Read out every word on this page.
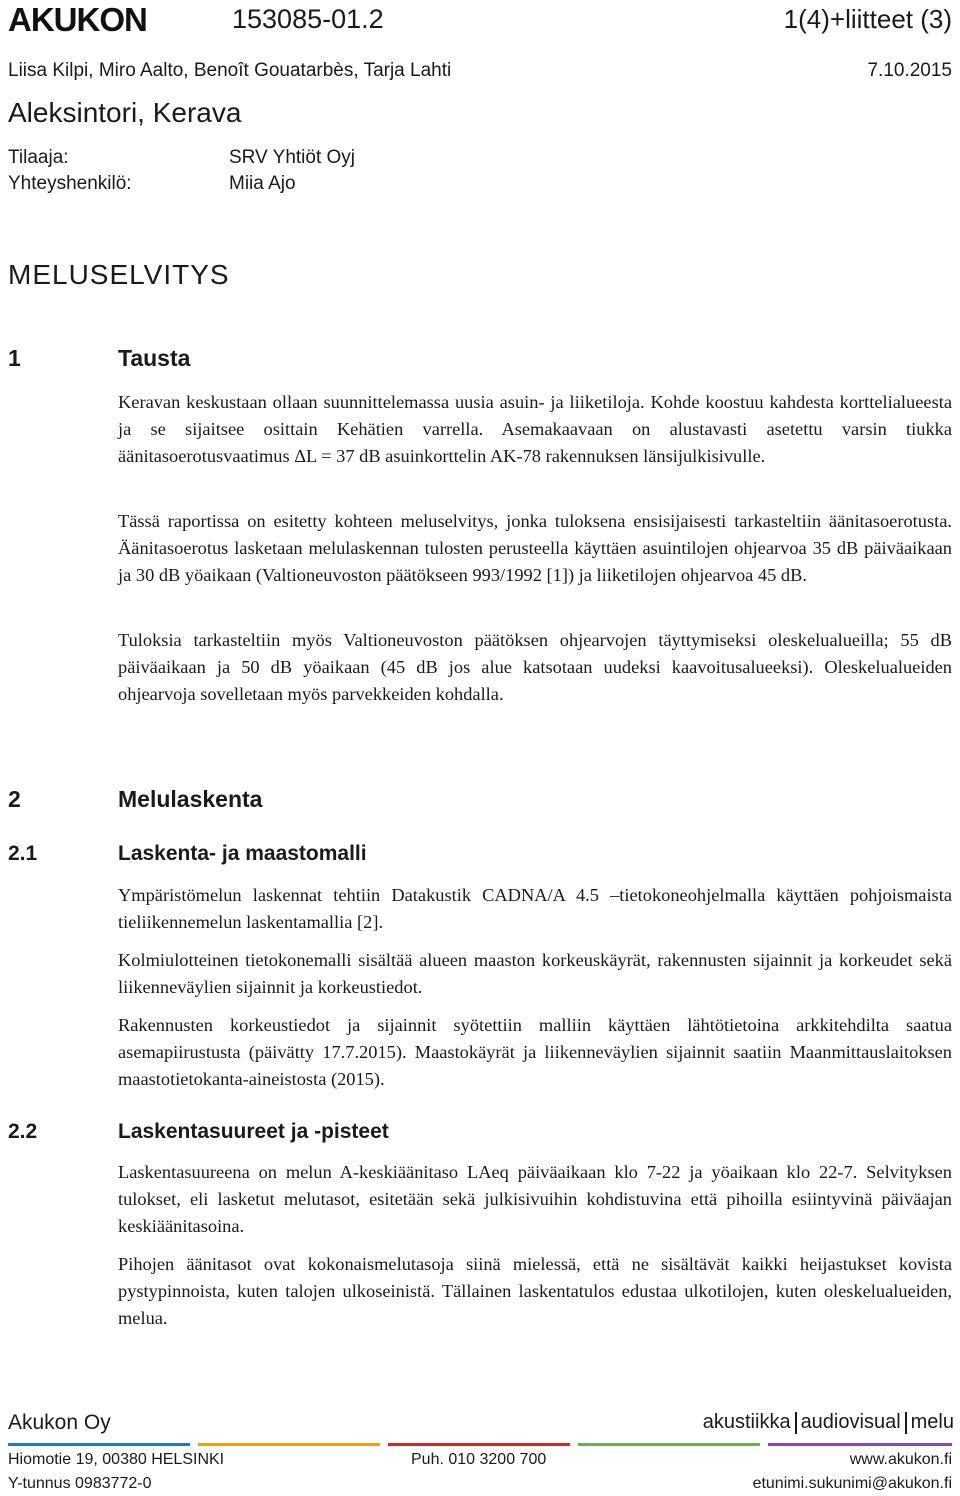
AKUKON	153085-01.2	1(4)+liitteet (3)
Liisa Kilpi, Miro Aalto, Benoît Gouatarbès, Tarja Lahti	7.10.2015
Aleksintori, Kerava
Tilaaja:	SRV Yhtiöt Oyj
Yhteyshenkilö:	Miia Ajo
MELUSELVITYS
1	Tausta
Keravan keskustaan ollaan suunnittelemassa uusia asuin- ja liiketiloja. Kohde koostuu kahdesta korttelialueesta ja se sijaitsee osittain Kehätien varrella. Asemakaavaan on alustavasti asetettu varsin tiukka äänitasoerotusvaatimus ΔL = 37 dB asuinkorttelin AK-78 rakennuksen länsijulkisivulle.
Tässä raportissa on esitetty kohteen meluselvitys, jonka tuloksena ensisijaisesti tarkasteltiin äänitasoerotusta. Äänitasoerotus lasketaan melulaskennan tulosten perusteella käyttäen asuintilojen ohjearvoa 35 dB päiväaikaan ja 30 dB yöaikaan (Valtioneuvoston päätökseen 993/1992 [1]) ja liiketilojen ohjearvoa 45 dB.
Tuloksia tarkasteltiin myös Valtioneuvoston päätöksen ohjearvojen täyttymiseksi oleskelualueilla; 55 dB päiväaikaan ja 50 dB yöaikaan (45 dB jos alue katsotaan uudeksi kaavoitusalueeksi). Oleskelualueiden ohjearvoja sovelletaan myös parvekkeiden kohdalla.
2	Melulaskenta
2.1	Laskenta- ja maastomalli
Ympäristömelun laskennat tehtiin Datakustik CADNA/A 4.5 –tietokoneohjelmalla käyttäen pohjoismaista tieliikennemelun laskentamallia [2].
Kolmiulotteinen tietokonemalli sisältää alueen maaston korkeuskäyrät, rakennusten sijainnit ja korkeudet sekä liikenneväylien sijainnit ja korkeustiedot.
Rakennusten korkeustiedot ja sijainnit syötettiin malliin käyttäen lähtötietoina arkkitehdilta saatua asemapiirustusta (päivätty 17.7.2015). Maastokäyrät ja liikenneväylien sijainnit saatiin Maanmittauslaitoksen maastotietokanta-aineistosta (2015).
2.2	Laskentasuureet ja -pisteet
Laskentasuureena on melun A-keskiäänitaso LAeq päiväaikaan klo 7-22 ja yöaikaan klo 22-7. Selvityksen tulokset, eli lasketut melutasot, esitetään sekä julkisivuihin kohdistuvina että pihoilla esiintyvinä päiväajan keskiäänitasoina.
Pihojen äänitasot ovat kokonaismelutasoja siinä mielessä, että ne sisältävät kaikki heijastukset kovista pystypinnoista, kuten talojen ulkoseinistä. Tällainen laskentatulos edustaa ulkotilojen, kuten oleskelualueiden, melua.
Akukon Oy	akustiikka audiovisual melu
Hiomotie 19, 00380 HELSINKI	Puh. 010 3200 700	www.akukon.fi
Y-tunnus 0983772-0	etunimi.sukunimi@akukon.fi
